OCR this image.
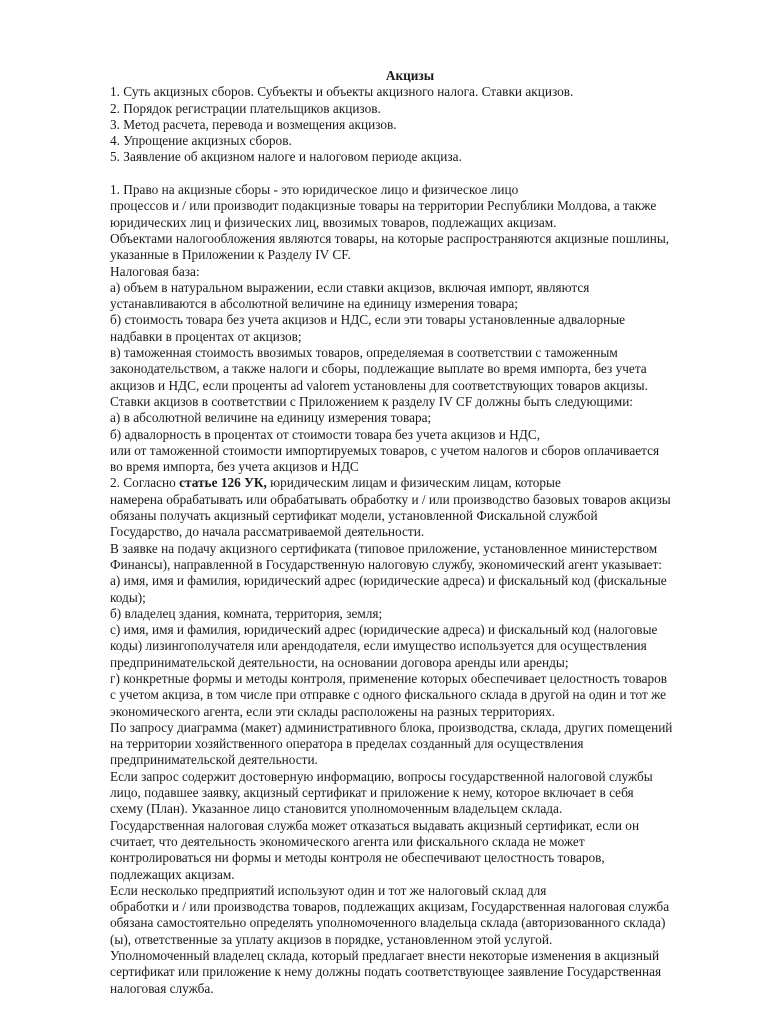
Акцизы

1. Суть акцизных сборов. Субъекты и объекты акцизного налога. Ставки акцизов.

2. Порядок регистрации плательщиков акцизов.

3. Метод расчета, перевода и возмещения акцизов.

4. Упрощение акцизных сборов.

5. Заявление об акцизном налоге и налоговом периоде акциза.

1. Право на акцизные сборы - это юридическое лицо и физическое лицо

процессов и / или производит подакцизные товары на территории Республики Молдова, а также

юридических лиц и физических лиц, ввозимых товаров, подлежащих акцизам.

Объектами налогообложения являются товары, на которые распространяются акцизные пошлины,

указанные в Приложении к Разделу IV CF.

Налоговая база:

а) объем в натуральном выражении, если ставки акцизов, включая импорт, являются

устанавливаются в абсолютной величине на единицу измерения товара;

б) стоимость товара без учета акцизов и НДС, если эти товары установленные адвалорные

надбавки в процентах от акцизов;

в) таможенная стоимость ввозимых товаров, определяемая в соответствии с таможенным

законодательством, а также налоги и сборы, подлежащие выплате во время импорта, без учета

акцизов и НДС, если проценты ad valorem установлены для соответствующих товаров акцизы.

Ставки акцизов в соответствии с Приложением к разделу IV CF должны быть следующими:

а) в абсолютной величине на единицу измерения товара;

б) адвалорность в процентах от стоимости товара без учета акцизов и НДС,

или от таможенной стоимости импортируемых товаров, с учетом налогов и сборов оплачивается

во время импорта, без учета акцизов и НДС

2. Согласно статье 126 УК, юридическим лицам и физическим лицам, которые

намерена обрабатывать или обрабатывать обработку и / или производство базовых товаров акцизы

обязаны получать акцизный сертификат модели, установленной Фискальной службой

Государство, до начала рассматриваемой деятельности.

В заявке на подачу акцизного сертификата (типовое приложение, установленное министерством

Финансы), направленной в Государственную налоговую службу, экономический агент указывает:

а) имя, имя и фамилия, юридический адрес (юридические адреса) и фискальный код (фискальные

коды);

б) владелец здания, комната, территория, земля;

с) имя, имя и фамилия, юридический адрес (юридические адреса) и фискальный код (налоговые

коды) лизингополучателя или арендодателя, если имущество используется для осуществления

предпринимательской деятельности, на основании договора аренды или аренды;

г) конкретные формы и методы контроля, применение которых обеспечивает целостность товаров

с учетом акциза, в том числе при отправке с одного фискального склада в другой на один и тот же

экономического агента, если эти склады расположены на разных территориях.

По запросу диаграмма (макет) административного блока, производства, склада, других помещений

на территории хозяйственного оператора в пределах созданный для осуществления

предпринимательской деятельности.

Если запрос содержит достоверную информацию, вопросы государственной налоговой службы

лицо, подавшее заявку, акцизный сертификат и приложение к нему, которое включает в себя

схему (План). Указанное лицо становится уполномоченным владельцем склада.

Государственная налоговая служба может отказаться выдавать акцизный сертификат, если он

считает, что деятельность экономического агента или фискального склада не может

контролироваться ни формы и методы контроля не обеспечивают целостность товаров,

подлежащих акцизам.

Если несколько предприятий используют один и тот же налоговый склад для

обработки и / или производства товаров, подлежащих акцизам, Государственная налоговая служба

обязана самостоятельно определять уполномоченного владельца склада (авторизованного склада)

(ы), ответственные за уплату акцизов в порядке, установленном этой услугой.

Уполномоченный владелец склада, который предлагает внести некоторые изменения в акцизный

сертификат или приложение к нему должны подать соответствующее заявление Государственная

налоговая служба.
